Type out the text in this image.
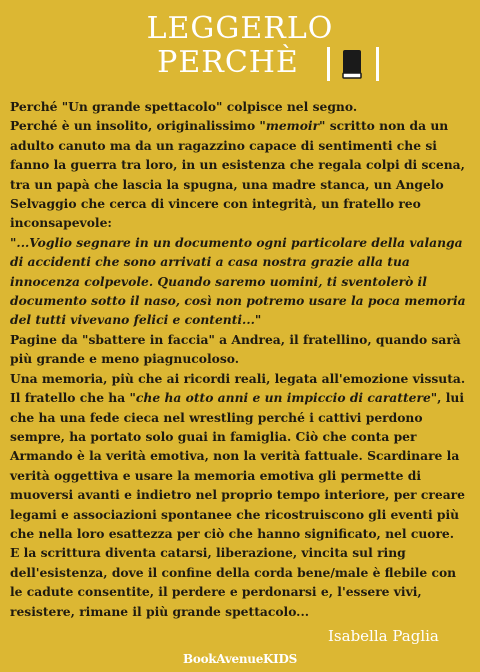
LEGGERLO
PERCHÈ

Perché "Un grande spettacolo" colpisce nel segno.

Perché è un insolito, originalissimo "memoir" scritto non da un adulto canuto ma da un ragazzino capace di sentimenti che si fanno la guerra tra loro, in un esistenza che regala colpi di scena, tra un papà che lascia la spugna, una madre stanca, un Angelo Selvaggio che cerca di vincere con integrità, un fratello reo inconsapevole:

"...Voglio segnare in un documento ogni particolare della valanga di accidenti che sono arrivati a casa nostra grazie alla tua innocenza colpevole. Quando saremo uomini, ti sventolerò il documento sotto il naso, così non potremo usare la poca memoria del tutti vivevano felici e contenti..."

Pagine da "sbattere in faccia" a Andrea, il fratellino, quando sarà più grande e meno piagnucoloso.

Una memoria, più che ai ricordi reali, legata all'emozione vissuta.

Il fratello che ha "che ha otto anni e un impiccio di carattere", lui che ha una fede cieca nel wrestling perché i cattivi perdono sempre, ha portato solo guai in famiglia. Ciò che conta per Armando è la verità emotiva, non la verità fattuale. Scardinare la verità oggettiva e usare la memoria emotiva gli permette di muoversi avanti e indietro nel proprio tempo interiore, per creare legami e associazioni spontanee che ricostruiscono gli eventi più che nella loro esattezza per ciò che hanno significato, nel cuore.

E la scrittura diventa catarsi, liberazione, vincita sul ring dell'esistenza, dove il confine della corda bene/male è flebile con le cadute consentite, il perdere e perdonarsi e, l'essere vivi, resistere, rimane il più grande spettacolo...

Isabella Paglia
BookAvenueKIDS
